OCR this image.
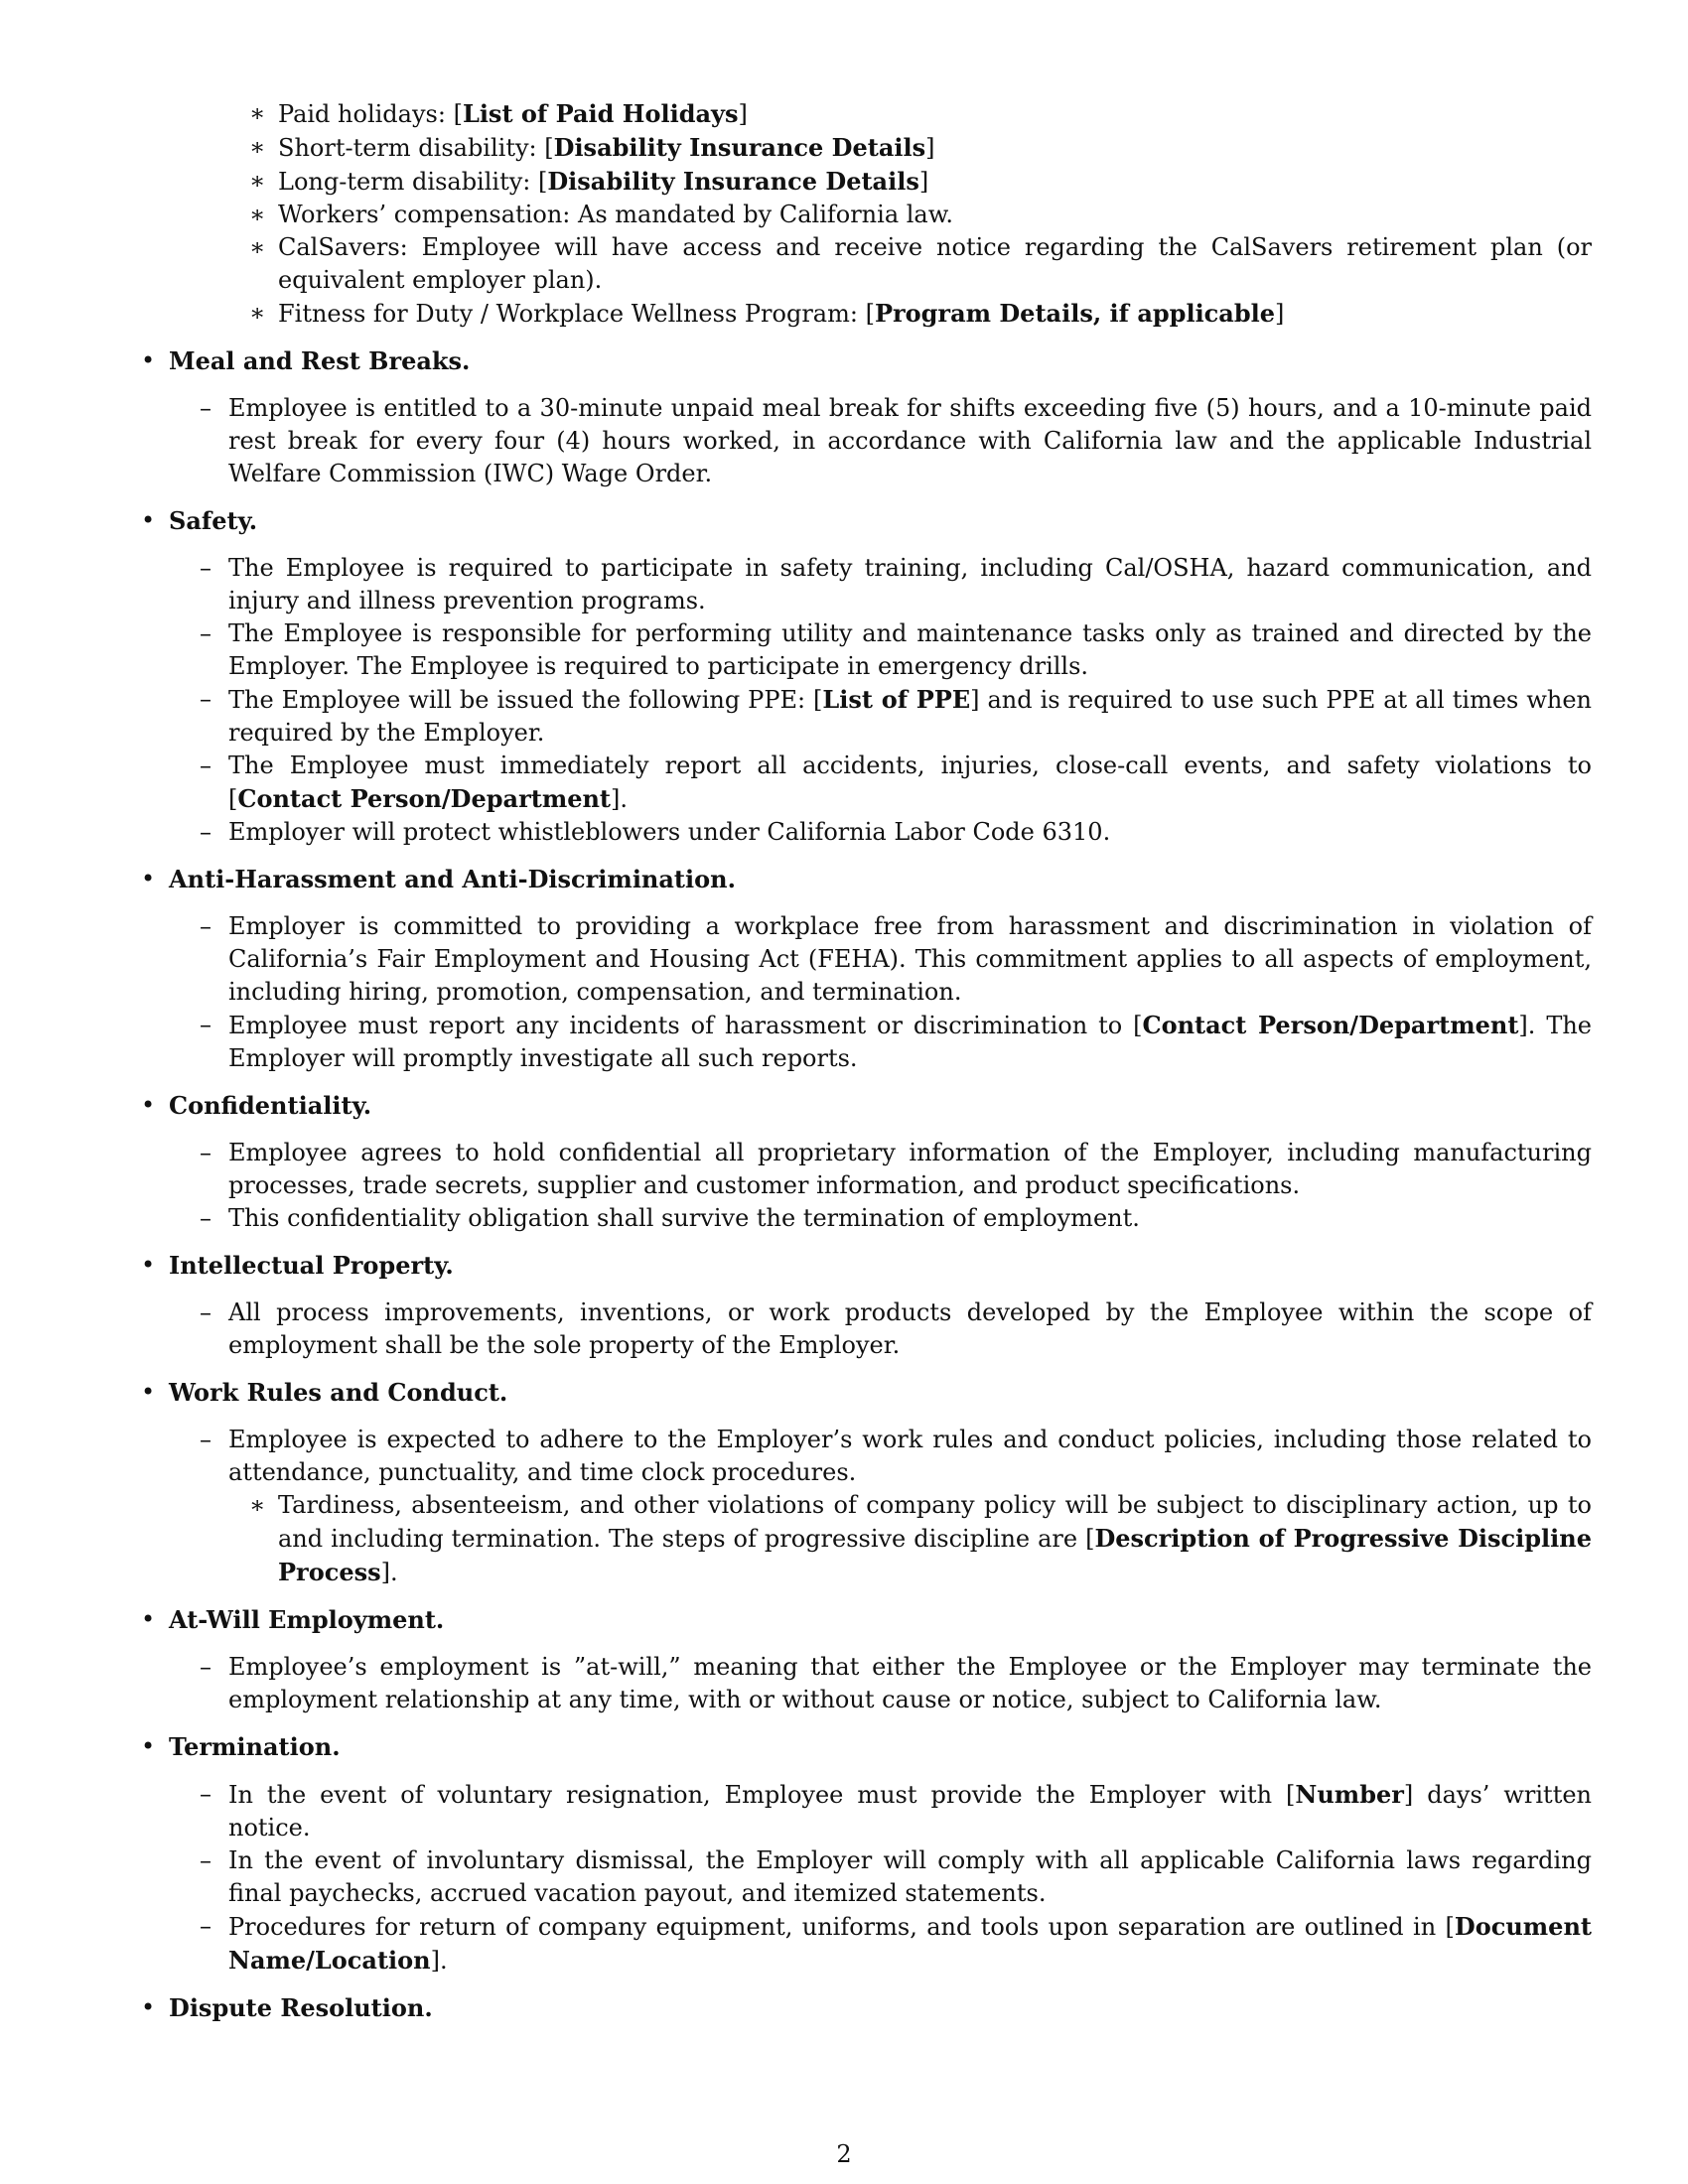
∗ Paid holidays: [List of Paid Holidays]
∗ Short-term disability: [Disability Insurance Details]
∗ Long-term disability: [Disability Insurance Details]
∗ Workers’ compensation: As mandated by California law.
∗ CalSavers: Employee will have access and receive notice regarding the CalSavers retirement plan (or equivalent employer plan).
∗ Fitness for Duty / Workplace Wellness Program: [Program Details, if applicable]
• Meal and Rest Breaks.
– Employee is entitled to a 30-minute unpaid meal break for shifts exceeding five (5) hours, and a 10-minute paid rest break for every four (4) hours worked, in accordance with California law and the applicable Industrial Welfare Commission (IWC) Wage Order.
• Safety.
– The Employee is required to participate in safety training, including Cal/OSHA, hazard communication, and injury and illness prevention programs.
– The Employee is responsible for performing utility and maintenance tasks only as trained and directed by the Employer. The Employee is required to participate in emergency drills.
– The Employee will be issued the following PPE: [List of PPE] and is required to use such PPE at all times when required by the Employer.
– The Employee must immediately report all accidents, injuries, close-call events, and safety violations to [Contact Person/Department].
– Employer will protect whistleblowers under California Labor Code 6310.
• Anti-Harassment and Anti-Discrimination.
– Employer is committed to providing a workplace free from harassment and discrimination in violation of California’s Fair Employment and Housing Act (FEHA). This commitment applies to all aspects of employment, including hiring, promotion, compensation, and termination.
– Employee must report any incidents of harassment or discrimination to [Contact Person/Department]. The Employer will promptly investigate all such reports.
• Confidentiality.
– Employee agrees to hold confidential all proprietary information of the Employer, including manufacturing processes, trade secrets, supplier and customer information, and product specifications.
– This confidentiality obligation shall survive the termination of employment.
• Intellectual Property.
– All process improvements, inventions, or work products developed by the Employee within the scope of employment shall be the sole property of the Employer.
• Work Rules and Conduct.
– Employee is expected to adhere to the Employer’s work rules and conduct policies, including those related to attendance, punctuality, and time clock procedures.
∗ Tardiness, absenteeism, and other violations of company policy will be subject to disciplinary action, up to and including termination. The steps of progressive discipline are [Description of Progressive Discipline Process].
• At-Will Employment.
– Employee’s employment is ”at-will,” meaning that either the Employee or the Employer may terminate the employment relationship at any time, with or without cause or notice, subject to California law.
• Termination.
– In the event of voluntary resignation, Employee must provide the Employer with [Number] days’ written notice.
– In the event of involuntary dismissal, the Employer will comply with all applicable California laws regarding final paychecks, accrued vacation payout, and itemized statements.
– Procedures for return of company equipment, uniforms, and tools upon separation are outlined in [Document Name/Location].
• Dispute Resolution.
2
